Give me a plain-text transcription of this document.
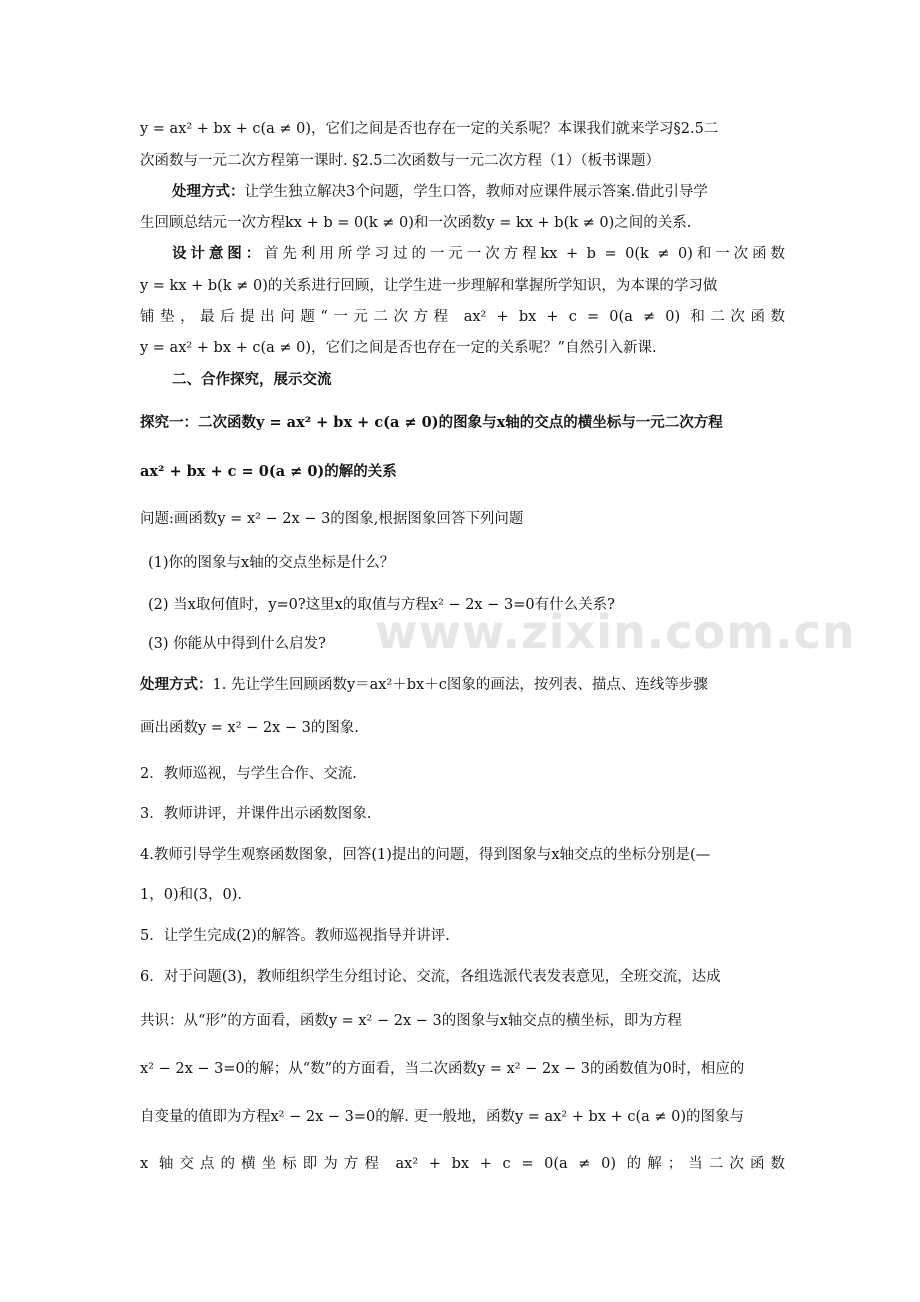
www.zixin.com.cn
y = ax² + bx + c(a ≠ 0)，它们之间是否也存在一定的关系呢？本课我们就来学习§2.5二
次函数与一元二次方程第一课时. §2.5二次函数与一元二次方程（1）（板书课题）
处理方式：让学生独立解决3个问题，学生口答，教师对应课件展示答案.借此引导学
生回顾总结元一次方程kx + b = 0(k ≠ 0)和一次函数y = kx + b(k ≠ 0)之间的关系.
设计意图：首先利用所学习过的一元一次方程kx + b = 0(k ≠ 0)和一次函数
y = kx + b(k ≠ 0)的关系进行回顾，让学生进一步理解和掌握所学知识，为本课的学习做
铺垫，最后提出问题“一元二次方程 ax² + bx + c = 0(a ≠ 0) 和二次函数
y = ax² + bx + c(a ≠ 0)，它们之间是否也存在一定的关系呢？”自然引入新课.
二、合作探究，展示交流
探究一：二次函数y = ax² + bx + c(a ≠ 0)的图象与x轴的交点的横坐标与一元二次方程
ax² + bx + c = 0(a ≠ 0)的解的关系
问题:画函数y = x² − 2x − 3的图象,根据图象回答下列问题
(1)你的图象与x轴的交点坐标是什么？
(2) 当x取何值时，y=0?这里x的取值与方程x² − 2x − 3=0有什么关系?
(3) 你能从中得到什么启发?
处理方式：1. 先让学生回顾函数y＝ax²＋bx＋c图象的画法，按列表、描点、连线等步骤
画出函数y = x² − 2x − 3的图象.
2．教师巡视，与学生合作、交流.
3．教师讲评，并课件出示函数图象.
4.教师引导学生观察函数图象，回答(1)提出的问题，得到图象与x轴交点的坐标分别是(—
1，0)和(3，0).
5．让学生完成(2)的解答。教师巡视指导并讲评.
6．对于问题(3)，教师组织学生分组讨论、交流，各组选派代表发表意见，全班交流，达成
共识：从“形”的方面看，函数y = x² − 2x − 3的图象与x轴交点的横坐标，即为方程
x² − 2x − 3=0的解；从“数”的方面看，当二次函数y = x² − 2x − 3的函数值为0时，相应的
自变量的值即为方程x² − 2x − 3=0的解. 更一般地，函数y = ax² + bx + c(a ≠ 0)的图象与
x 轴交点的横坐标即为方程 ax² + bx + c = 0(a ≠ 0) 的解；当二次函数
